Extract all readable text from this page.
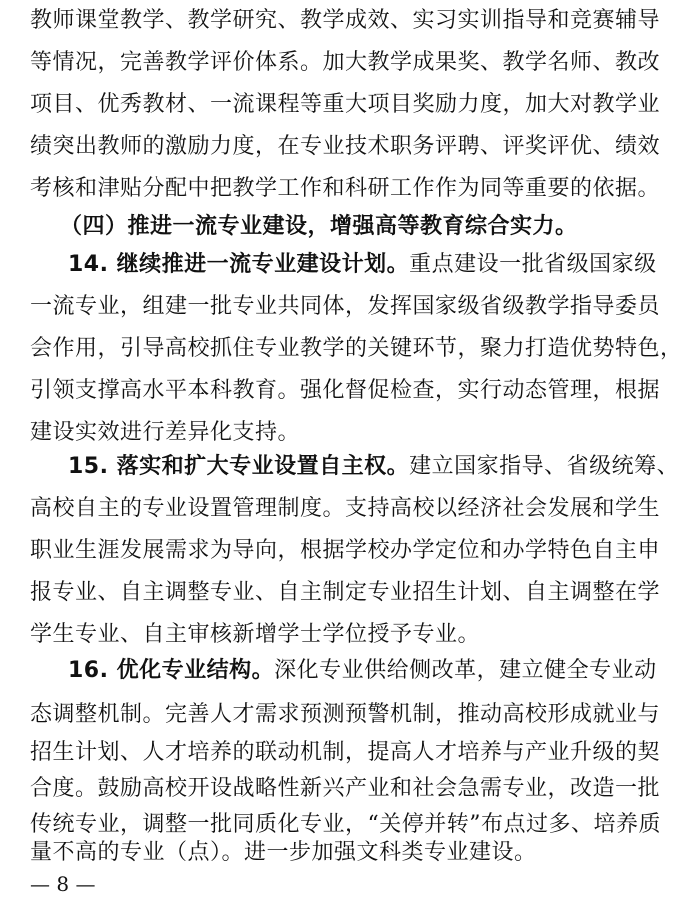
教师课堂教学、教学研究、教学成效、实习实训指导和竞赛辅导
等情况，完善教学评价体系。加大教学成果奖、教学名师、教改
项目、优秀教材、一流课程等重大项目奖励力度，加大对教学业
绩突出教师的激励力度，在专业技术职务评聘、评奖评优、绩效
考核和津贴分配中把教学工作和科研工作作为同等重要的依据。
（四）推进一流专业建设，增强高等教育综合实力。
14. 继续推进一流专业建设计划。重点建设一批省级国家级
一流专业，组建一批专业共同体，发挥国家级省级教学指导委员
会作用，引导高校抓住专业教学的关键环节，聚力打造优势特色，
引领支撑高水平本科教育。强化督促检查，实行动态管理，根据
建设实效进行差异化支持。
15. 落实和扩大专业设置自主权。建立国家指导、省级统筹、
高校自主的专业设置管理制度。支持高校以经济社会发展和学生
职业生涯发展需求为导向，根据学校办学定位和办学特色自主申
报专业、自主调整专业、自主制定专业招生计划、自主调整在学
学生专业、自主审核新增学士学位授予专业。
16. 优化专业结构。深化专业供给侧改革，建立健全专业动
态调整机制。完善人才需求预测预警机制，推动高校形成就业与
招生计划、人才培养的联动机制，提高人才培养与产业升级的契
合度。鼓励高校开设战略性新兴产业和社会急需专业，改造一批
传统专业，调整一批同质化专业，“关停并转”布点过多、培养质
— 8 —
量不高的专业（点）。进一步加强文科类专业建设。
